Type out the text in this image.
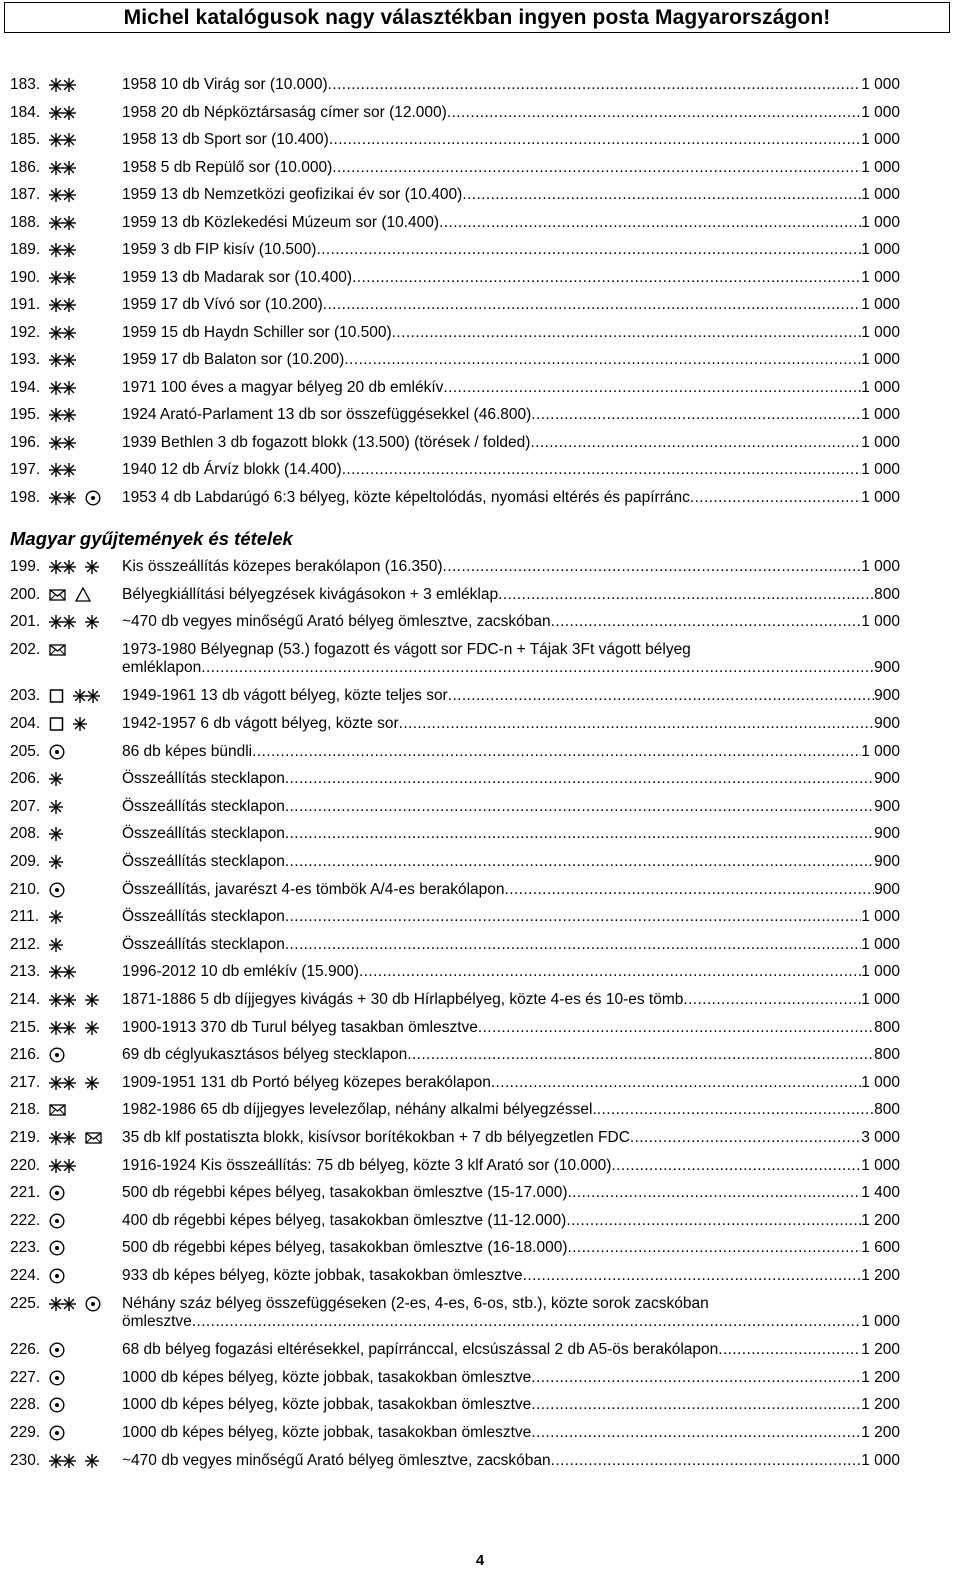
Michel katalógusok nagy választékban ingyen posta Magyarországon!
183.	1958 10 db Virág sor (10.000) .....	1 000
184.	1958 20 db Népköztársaság címer sor (12.000) .....	1 000
185.	1958 13 db Sport sor (10.400) .....	1 000
186.	1958 5 db Repülő sor (10.000) .....	1 000
187.	1959 13 db Nemzetközi geofizikai év sor (10.400) .....	1 000
188.	1959 13 db Közlekedési Múzeum sor (10.400) .....	1 000
189.	1959 3 db FIP kisív (10.500) .....	1 000
190.	1959 13 db Madarak sor (10.400) .....	1 000
191.	1959 17 db Vívó sor (10.200) .....	1 000
192.	1959 15 db Haydn Schiller sor (10.500) .....	1 000
193.	1959 17 db Balaton sor (10.200) .....	1 000
194.	1971 100 éves a magyar bélyeg 20 db emlékív .....	1 000
195.	1924 Arató-Parlament 13 db sor összefüggésekkel (46.800) .....	1 000
196.	1939 Bethlen 3 db fogazott blokk (13.500) (törések / folded) .....	1 000
197.	1940 12 db Árvíz blokk (14.400) .....	1 000
198.	1953 4 db Labdarúgó 6:3 bélyeg, közte képeltolódás, nyomási eltérés és papírránc .....	1 000
Magyar gyűjtemények és tételek
199.	Kis összeállítás közepes berakólapon (16.350) .....	1 000
200.	Bélyegkiállítási bélyegzések kivágásokon + 3 emléklap .....	800
201.	~470 db vegyes minőségű Arató bélyeg ömlesztve, zacskóban .....	1 000
202.	1973-1980 Bélyegnap (53.) fogazott és vágott sor FDC-n + Tájak 3Ft vágott bélyeg
emléklapon .....	900
203.	1949-1961 13 db vágott bélyeg, közte teljes sor .....	900
204.	1942-1957 6 db vágott bélyeg, közte sor .....	900
205.	86 db képes bündli .....	1 000
206.	Összeállítás stecklapon .....	900
207.	Összeállítás stecklapon .....	900
208.	Összeállítás stecklapon .....	900
209.	Összeállítás stecklapon .....	900
210.	Összeállítás, javarészt 4-es tömbök A/4-es berakólapon .....	900
211.	Összeállítás stecklapon .....	1 000
212.	Összeállítás stecklapon .....	1 000
213.	1996-2012 10 db emlékív (15.900) .....	1 000
214.	1871-1886 5 db díjjegyes kivágás + 30 db Hírlapbélyeg, közte 4-es és 10-es tömb .....	1 000
215.	1900-1913 370 db Turul bélyeg tasakban ömlesztve .....	800
216.	69 db céglyukasztásos bélyeg stecklapon .....	800
217.	1909-1951 131 db Portó bélyeg közepes berakólapon .....	1 000
218.	1982-1986 65 db díjjegyes levelezőlap, néhány alkalmi bélyegzéssel. .....	800
219.	35 db klf postatiszta blokk, kisívsor borítékokban + 7 db bélyegzetlen FDC .....	3 000
220.	1916-1924 Kis összeállítás: 75 db bélyeg, közte 3 klf Arató sor (10.000) .....	1 000
221.	500 db régebbi képes bélyeg, tasakokban ömlesztve (15-17.000) .....	1 400
222.	400 db régebbi képes bélyeg, tasakokban ömlesztve (11-12.000) .....	1 200
223.	500 db régebbi képes bélyeg, tasakokban ömlesztve (16-18.000) .....	1 600
224.	933 db képes bélyeg, közte jobbak, tasakokban ömlesztve .....	1 200
225.	Néhány száz bélyeg összefüggéseken (2-es, 4-es, 6-os, stb.), közte sorok zacskóban
ömlesztve .....	1 000
226.	68 db bélyeg fogazási eltérésekkel, papírránccal, elcsúszással 2 db A5-ös berakólapon .....	1 200
227.	1000 db képes bélyeg, közte jobbak, tasakokban ömlesztve .....	1 200
228.	1000 db képes bélyeg, közte jobbak, tasakokban ömlesztve .....	1 200
229.	1000 db képes bélyeg, közte jobbak, tasakokban ömlesztve .....	1 200
230.	~470 db vegyes minőségű Arató bélyeg ömlesztve, zacskóban .....	1 000
4
